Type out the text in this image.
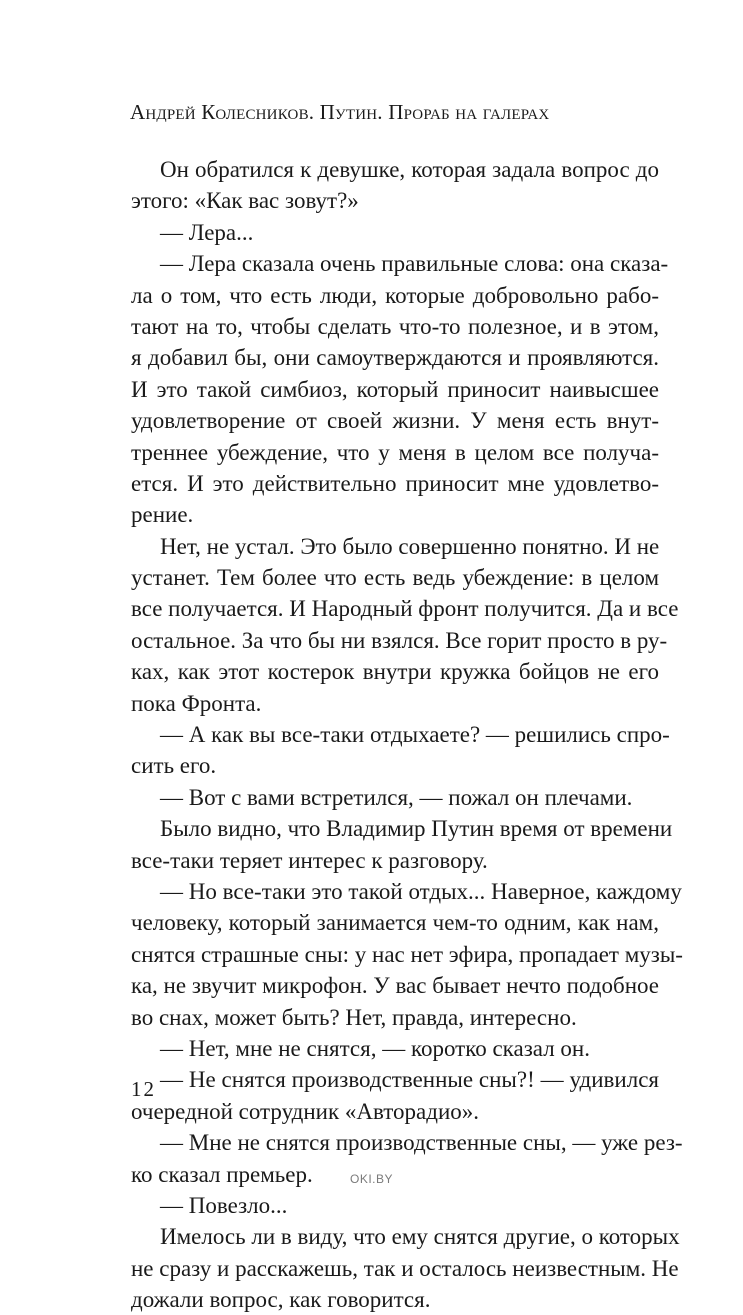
Андрей Колесников. Путин. Прораб на галерах
Он обратился к девушке, которая задала вопрос до
этого: «Как вас зовут?»
— Лера...
— Лера сказала очень правильные слова: она сказа-
ла о том, что есть люди, которые добровольно рабо-
тают на то, чтобы сделать что-то полезное, и в этом,
я добавил бы, они самоутверждаются и проявляются.
И это такой симбиоз, который приносит наивысшее
удовлетворение от своей жизни. У меня есть внут-
треннее убеждение, что у меня в целом все получа-
ется. И это действительно приносит мне удовлетво-
рение.
Нет, не устал. Это было совершенно понятно. И не
устанет. Тем более что есть ведь убеждение: в целом
все получается. И Народный фронт получится. Да и все
остальное. За что бы ни взялся. Все горит просто в ру-
ках, как этот костерок внутри кружка бойцов не его
пока Фронта.
— А как вы все-таки отдыхаете? — решились спро-
сить его.
— Вот с вами встретился, — пожал он плечами.
Было видно, что Владимир Путин время от времени
все-таки теряет интерес к разговору.
— Но все-таки это такой отдых... Наверное, каждому
человеку, который занимается чем-то одним, как нам,
снятся страшные сны: у нас нет эфира, пропадает музы-
ка, не звучит микрофон. У вас бывает нечто подобное
во снах, может быть? Нет, правда, интересно.
— Нет, мне не снятся, — коротко сказал он.
— Не снятся производственные сны?! — удивился
очередной сотрудник «Авторадио».
— Мне не снятся производственные сны, — уже рез-
ко сказал премьер.
— Повезло...
Имелось ли в виду, что ему снятся другие, о которых
не сразу и расскажешь, так и осталось неизвестным. Не
дожали вопрос, как говорится.
12
OKI.BY
